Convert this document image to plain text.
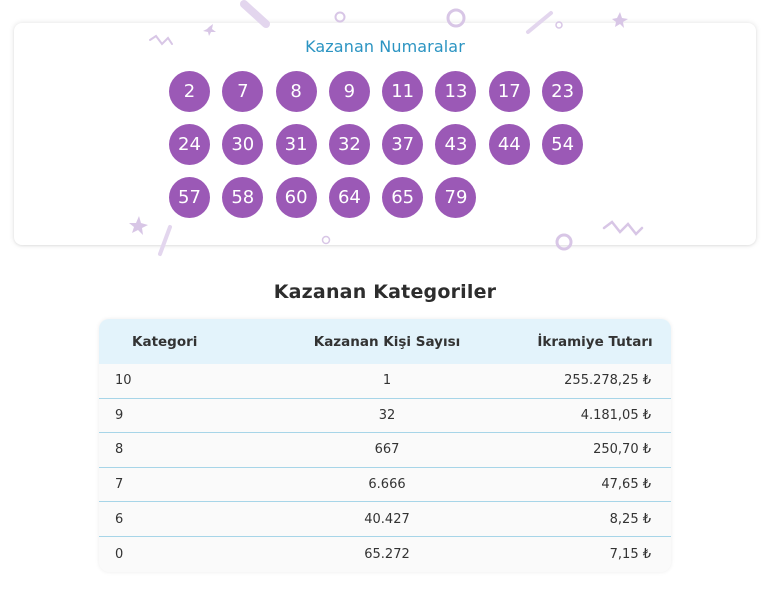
Kazanan Numaralar
2	7	8	9	11	13	17	23
24	30	31	32	37	43	44	54
57	58	60	64	65	79
Kazanan Kategoriler
Kategori	Kazanan Kişi Sayısı	İkramiye Tutarı
10	1	255.278,25 ₺
9	32	4.181,05 ₺
8	667	250,70 ₺
7	6.666	47,65 ₺
6	40.427	8,25 ₺
0	65.272	7,15 ₺
